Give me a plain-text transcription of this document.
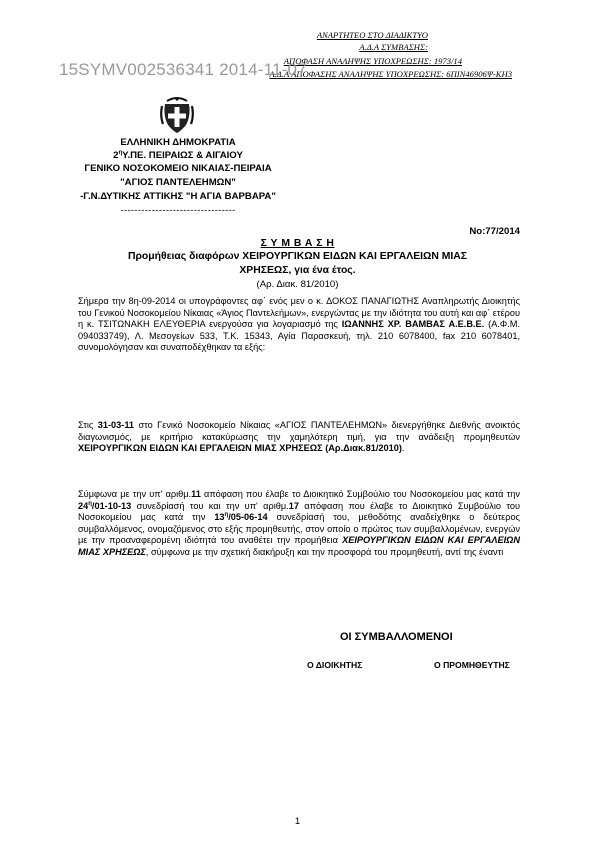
ΑΝΑΡΤΗΤΕΟ ΣΤΟ ΔΙΑΔΙΚΤΥΟ
Α.Δ.Α ΣΥΜΒΑΣΗΣ:
ΑΠΟΦΑΣΗ ΑΝΑΛΗΨΗΣ ΥΠΟΧΡΕΩΣΗΣ: 1973/14
Α.Δ.Α ΑΠΟΦΑΣΗΣ ΑΝΑΛΗΨΗΣ ΥΠΟΧΡΕΩΣΗΣ: 6ΠΙΝ46906Ψ-ΚΗ3
15SYMV002536341 2014-11-07
ΕΛΛΗΝΙΚΗ ΔΗΜΟΚΡΑΤΙΑ
$2^\eta\Upsilon.\Pi E$. ΠΕΙΡΑΙΩΣ & ΑΙΓΑΙΟΥ
ΓΕΝΙΚΟ ΝΟΣΟΚΟΜΕΙΟ ΝΙΚΑΙΑΣ-ΠΕΙΡΑΙΑ
"ΑΓΙΟΣ ΠΑΝΤΕΛΕΗΜΩΝ"
-Γ.Ν.ΔΥΤΙΚΗΣ ΑΤΤΙΚΗΣ "Η ΑΓΙΑ ΒΑΡΒΑΡΑ"
---------------------------------
Νο:77/2014
Σ Υ Μ Β Α Σ Η
Προμήθειας διαφόρων ΧΕΙΡΟΥΡΓΙΚΩΝ ΕΙΔΩΝ ΚΑΙ ΕΡΓΑΛΕΙΩΝ ΜΙΑΣ
ΧΡΗΣΕΩΣ, για ένα έτος.
(Αρ. Διακ. 81/2010)
Σήμερα την 8η-09-2014 οι υπογράφοντες αφ΄ ενός μεν ο κ. ΔΟΚΟΣ ΠΑΝΑΓΙΩΤΗΣ Αναπληρωτής Διοικητής του Γενικού Νοσοκομείου Νίκαιας «Άγιος Παντελεήμων», ενεργώντας με την ιδιότητα του αυτή και αφ΄ ετέρου η κ. ΤΣΙΤΩΝΑΚΗ ΕΛΕΥΘΕΡΙΑ ενεργούσα για λογαριασμό της ΙΩΑΝΝΗΣ ΧΡ. ΒΑΜΒΑΣ Α.Ε.Β.Ε. (Α.Φ.Μ. 094033749), Λ. Μεσογείων 533, Τ.Κ. 15343, Αγία Παρασκευή, τηλ. 210 6078400, fax 210 6078401, συνομολόγησαν και συναποδέχθηκαν τα εξής:
Στις 31-03-11 στο Γενικό Νοσοκομείο Νίκαιας «ΑΓΙΟΣ ΠΑΝΤΕΛΕΗΜΩΝ» διενεργήθηκε Διεθνής ανοικτός διαγωνισμός, με κριτήριο κατακύρωσης την χαμηλότερη τιμή, για την ανάδειξη προμηθευτών ΧΕΙΡΟΥΡΓΙΚΩΝ ΕΙΔΩΝ ΚΑΙ ΕΡΓΑΛΕΙΩΝ ΜΙΑΣ ΧΡΗΣΕΩΣ (Αρ.Διακ.81/2010).
Σύμφωνα με την υπ' αριθμ.11 απόφαση που έλαβε το Διοικητικό Συμβούλιο του Νοσοκομείου μας κατά την $24^\eta/01-10-13$ συνεδρίασή του και την υπ' αριθμ.17 απόφαση που έλαβε το Διοικητικό Συμβούλιο του Νοσοκομείου μας κατά την $13^\eta/05-06-14$ συνεδρίασή του, μεθοδότης αναδείχθηκε ο δεύτερος συμβαλλόμενος, ονομαζόμενος στο εξής προμηθευτής, στον οποίο ο πρώτος των συμβαλλομένων, ενεργών με την προαναφερομένη ιδιότητά του αναθέτει την προμήθεια ΧΕΙΡΟΥΡΓΙΚΩΝ ΕΙΔΩΝ ΚΑΙ ΕΡΓΑΛΕΙΩΝ ΜΙΑΣ ΧΡΗΣΕΩΣ, σύμφωνα με την σχετική διακήρυξη και την προσφορά του προμηθευτή, αντί της έναντι
ΟΙ ΣΥΜΒΑΛΛΟΜΕΝΟΙ
Ο ΔΙΟΙΚΗΤΗΣ	Ο ΠΡΟΜΗΘΕΥΤΗΣ
1
